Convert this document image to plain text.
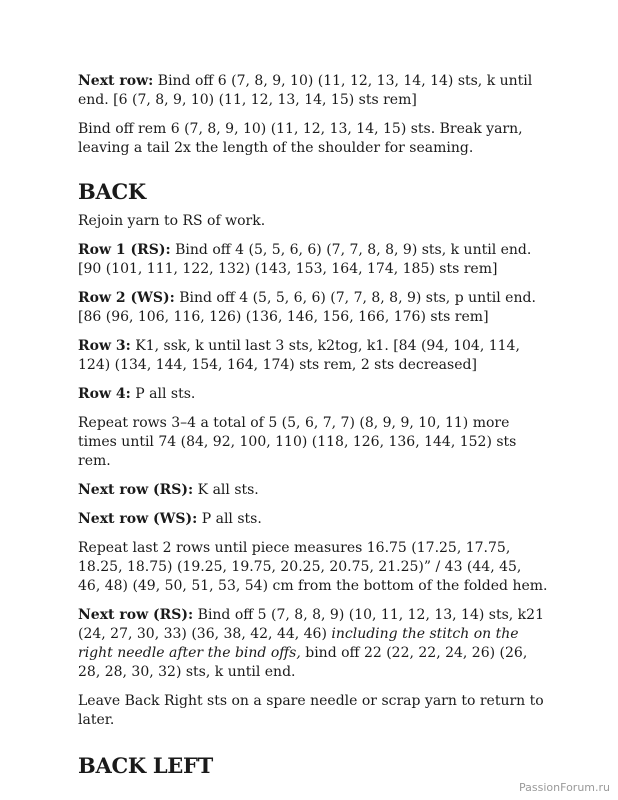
Next row: Bind off 6 (7, 8, 9, 10) (11, 12, 13, 14, 14) sts, k until end. [6 (7, 8, 9, 10) (11, 12, 13, 14, 15) sts rem]

Bind off rem 6 (7, 8, 9, 10) (11, 12, 13, 14, 15) sts. Break yarn, leaving a tail 2x the length of the shoulder for seaming.

BACK

Rejoin yarn to RS of work.

Row 1 (RS): Bind off 4 (5, 5, 6, 6) (7, 7, 8, 8, 9) sts, k until end. [90 (101, 111, 122, 132) (143, 153, 164, 174, 185) sts rem]

Row 2 (WS): Bind off 4 (5, 5, 6, 6) (7, 7, 8, 8, 9) sts, p until end. [86 (96, 106, 116, 126) (136, 146, 156, 166, 176) sts rem]

Row 3: K1, ssk, k until last 3 sts, k2tog, k1. [84 (94, 104, 114, 124) (134, 144, 154, 164, 174) sts rem, 2 sts decreased]

Row 4: P all sts.

Repeat rows 3–4 a total of 5 (5, 6, 7, 7) (8, 9, 9, 10, 11) more times until 74 (84, 92, 100, 110) (118, 126, 136, 144, 152) sts rem.

Next row (RS): K all sts.

Next row (WS): P all sts.

Repeat last 2 rows until piece measures 16.75 (17.25, 17.75, 18.25, 18.75) (19.25, 19.75, 20.25, 20.75, 21.25)” / 43 (44, 45, 46, 48) (49, 50, 51, 53, 54) cm from the bottom of the folded hem.

Next row (RS): Bind off 5 (7, 8, 8, 9) (10, 11, 12, 13, 14) sts, k21 (24, 27, 30, 33) (36, 38, 42, 44, 46) including the stitch on the right needle after the bind offs, bind off 22 (22, 22, 24, 26) (26, 28, 28, 30, 32) sts, k until end.

Leave Back Right sts on a spare needle or scrap yarn to return to later.

BACK LEFT
PassionForum.ru
